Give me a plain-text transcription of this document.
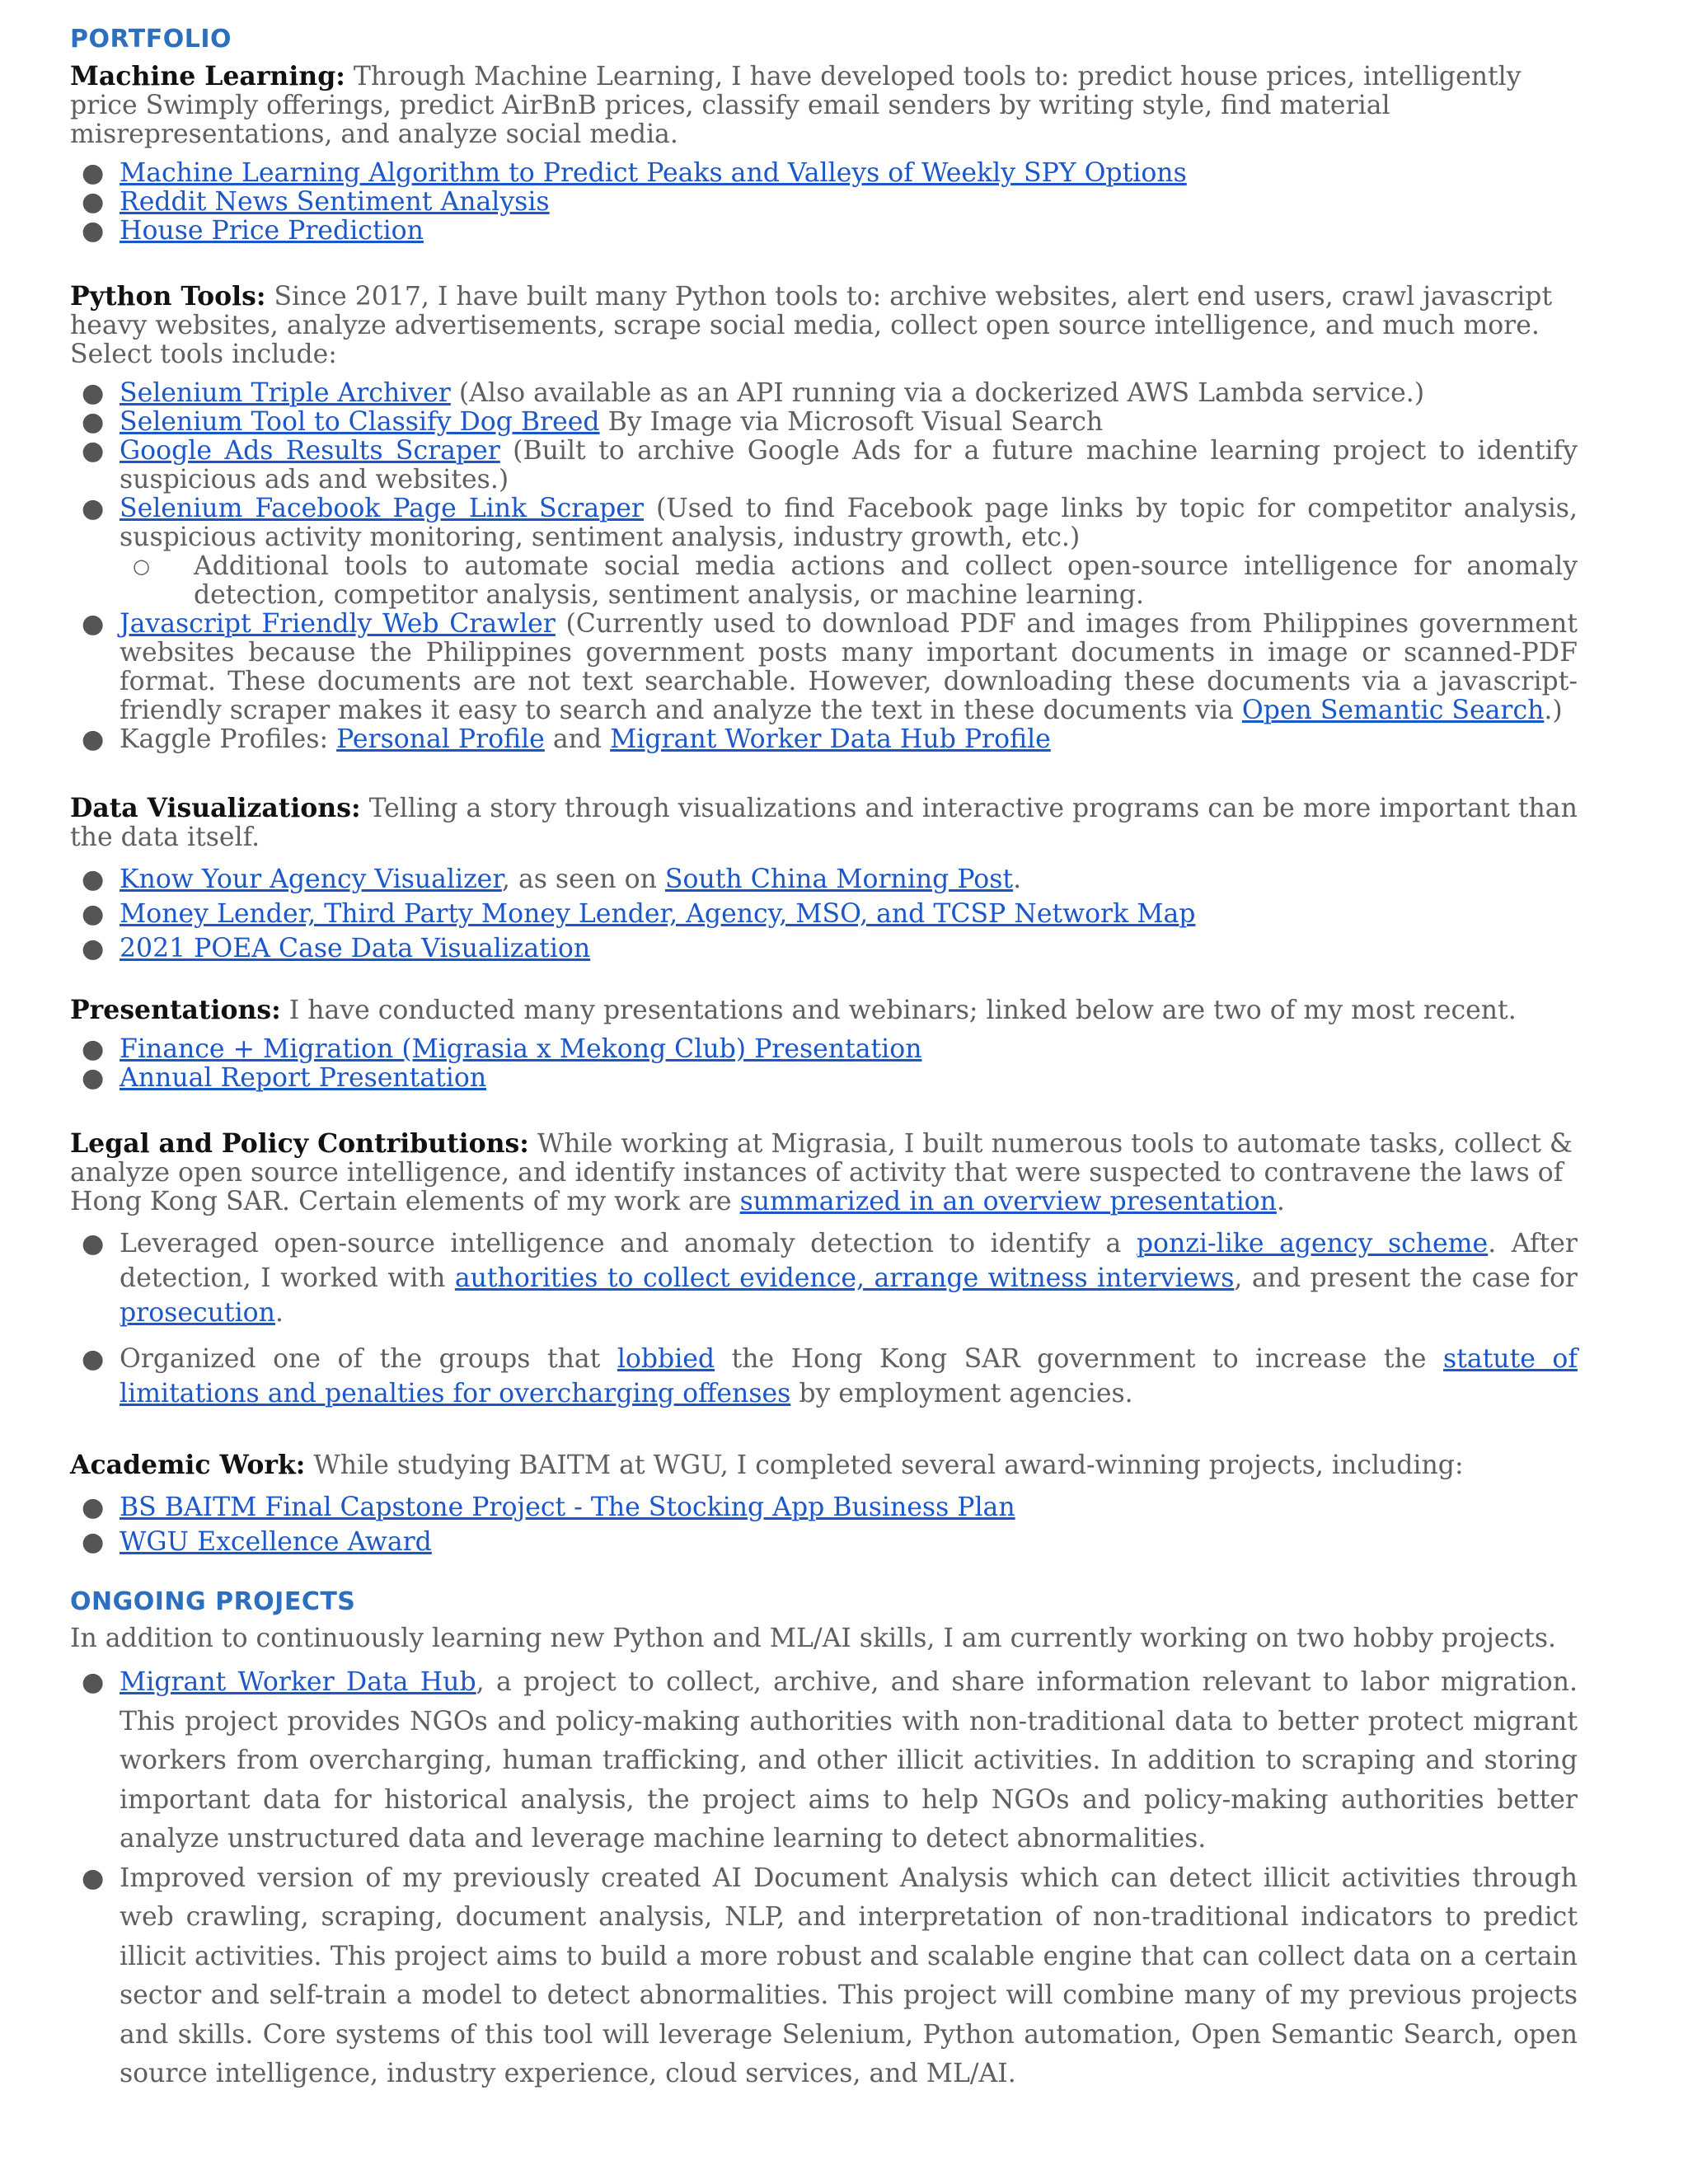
PORTFOLIO

Machine Learning: Through Machine Learning, I have developed tools to: predict house prices, intelligently price Swimply offerings, predict AirBnB prices, classify email senders by writing style, find material misrepresentations, and analyze social media.

● Machine Learning Algorithm to Predict Peaks and Valleys of Weekly SPY Options
● Reddit News Sentiment Analysis
● House Price Prediction

Python Tools: Since 2017, I have built many Python tools to: archive websites, alert end users, crawl javascript heavy websites, analyze advertisements, scrape social media, collect open source intelligence, and much more. Select tools include:

● Selenium Triple Archiver (Also available as an API running via a dockerized AWS Lambda service.)
● Selenium Tool to Classify Dog Breed By Image via Microsoft Visual Search
● Google Ads Results Scraper (Built to archive Google Ads for a future machine learning project to identify suspicious ads and websites.)
● Selenium Facebook Page Link Scraper (Used to find Facebook page links by topic for competitor analysis, suspicious activity monitoring, sentiment analysis, industry growth, etc.)
○ Additional tools to automate social media actions and collect open-source intelligence for anomaly detection, competitor analysis, sentiment analysis, or machine learning.
● Javascript Friendly Web Crawler (Currently used to download PDF and images from Philippines government websites because the Philippines government posts many important documents in image or scanned-PDF format. These documents are not text searchable. However, downloading these documents via a javascript-friendly scraper makes it easy to search and analyze the text in these documents via Open Semantic Search.)
● Kaggle Profiles: Personal Profile and Migrant Worker Data Hub Profile

Data Visualizations: Telling a story through visualizations and interactive programs can be more important than the data itself.

● Know Your Agency Visualizer, as seen on South China Morning Post.
● Money Lender, Third Party Money Lender, Agency, MSO, and TCSP Network Map
● 2021 POEA Case Data Visualization

Presentations: I have conducted many presentations and webinars; linked below are two of my most recent.

● Finance + Migration (Migrasia x Mekong Club) Presentation
● Annual Report Presentation

Legal and Policy Contributions: While working at Migrasia, I built numerous tools to automate tasks, collect & analyze open source intelligence, and identify instances of activity that were suspected to contravene the laws of Hong Kong SAR. Certain elements of my work are summarized in an overview presentation.

● Leveraged open-source intelligence and anomaly detection to identify a ponzi-like agency scheme. After detection, I worked with authorities to collect evidence, arrange witness interviews, and present the case for prosecution.
● Organized one of the groups that lobbied the Hong Kong SAR government to increase the statute of limitations and penalties for overcharging offenses by employment agencies.

Academic Work: While studying BAITM at WGU, I completed several award-winning projects, including:

● BS BAITM Final Capstone Project - The Stocking App Business Plan
● WGU Excellence Award
ONGOING PROJECTS

In addition to continuously learning new Python and ML/AI skills, I am currently working on two hobby projects.

● Migrant Worker Data Hub, a project to collect, archive, and share information relevant to labor migration. This project provides NGOs and policy-making authorities with non-traditional data to better protect migrant workers from overcharging, human trafficking, and other illicit activities. In addition to scraping and storing important data for historical analysis, the project aims to help NGOs and policy-making authorities better analyze unstructured data and leverage machine learning to detect abnormalities.
● Improved version of my previously created AI Document Analysis which can detect illicit activities through web crawling, scraping, document analysis, NLP, and interpretation of non-traditional indicators to predict illicit activities. This project aims to build a more robust and scalable engine that can collect data on a certain sector and self-train a model to detect abnormalities. This project will combine many of my previous projects and skills. Core systems of this tool will leverage Selenium, Python automation, Open Semantic Search, open source intelligence, industry experience, cloud services, and ML/AI.
